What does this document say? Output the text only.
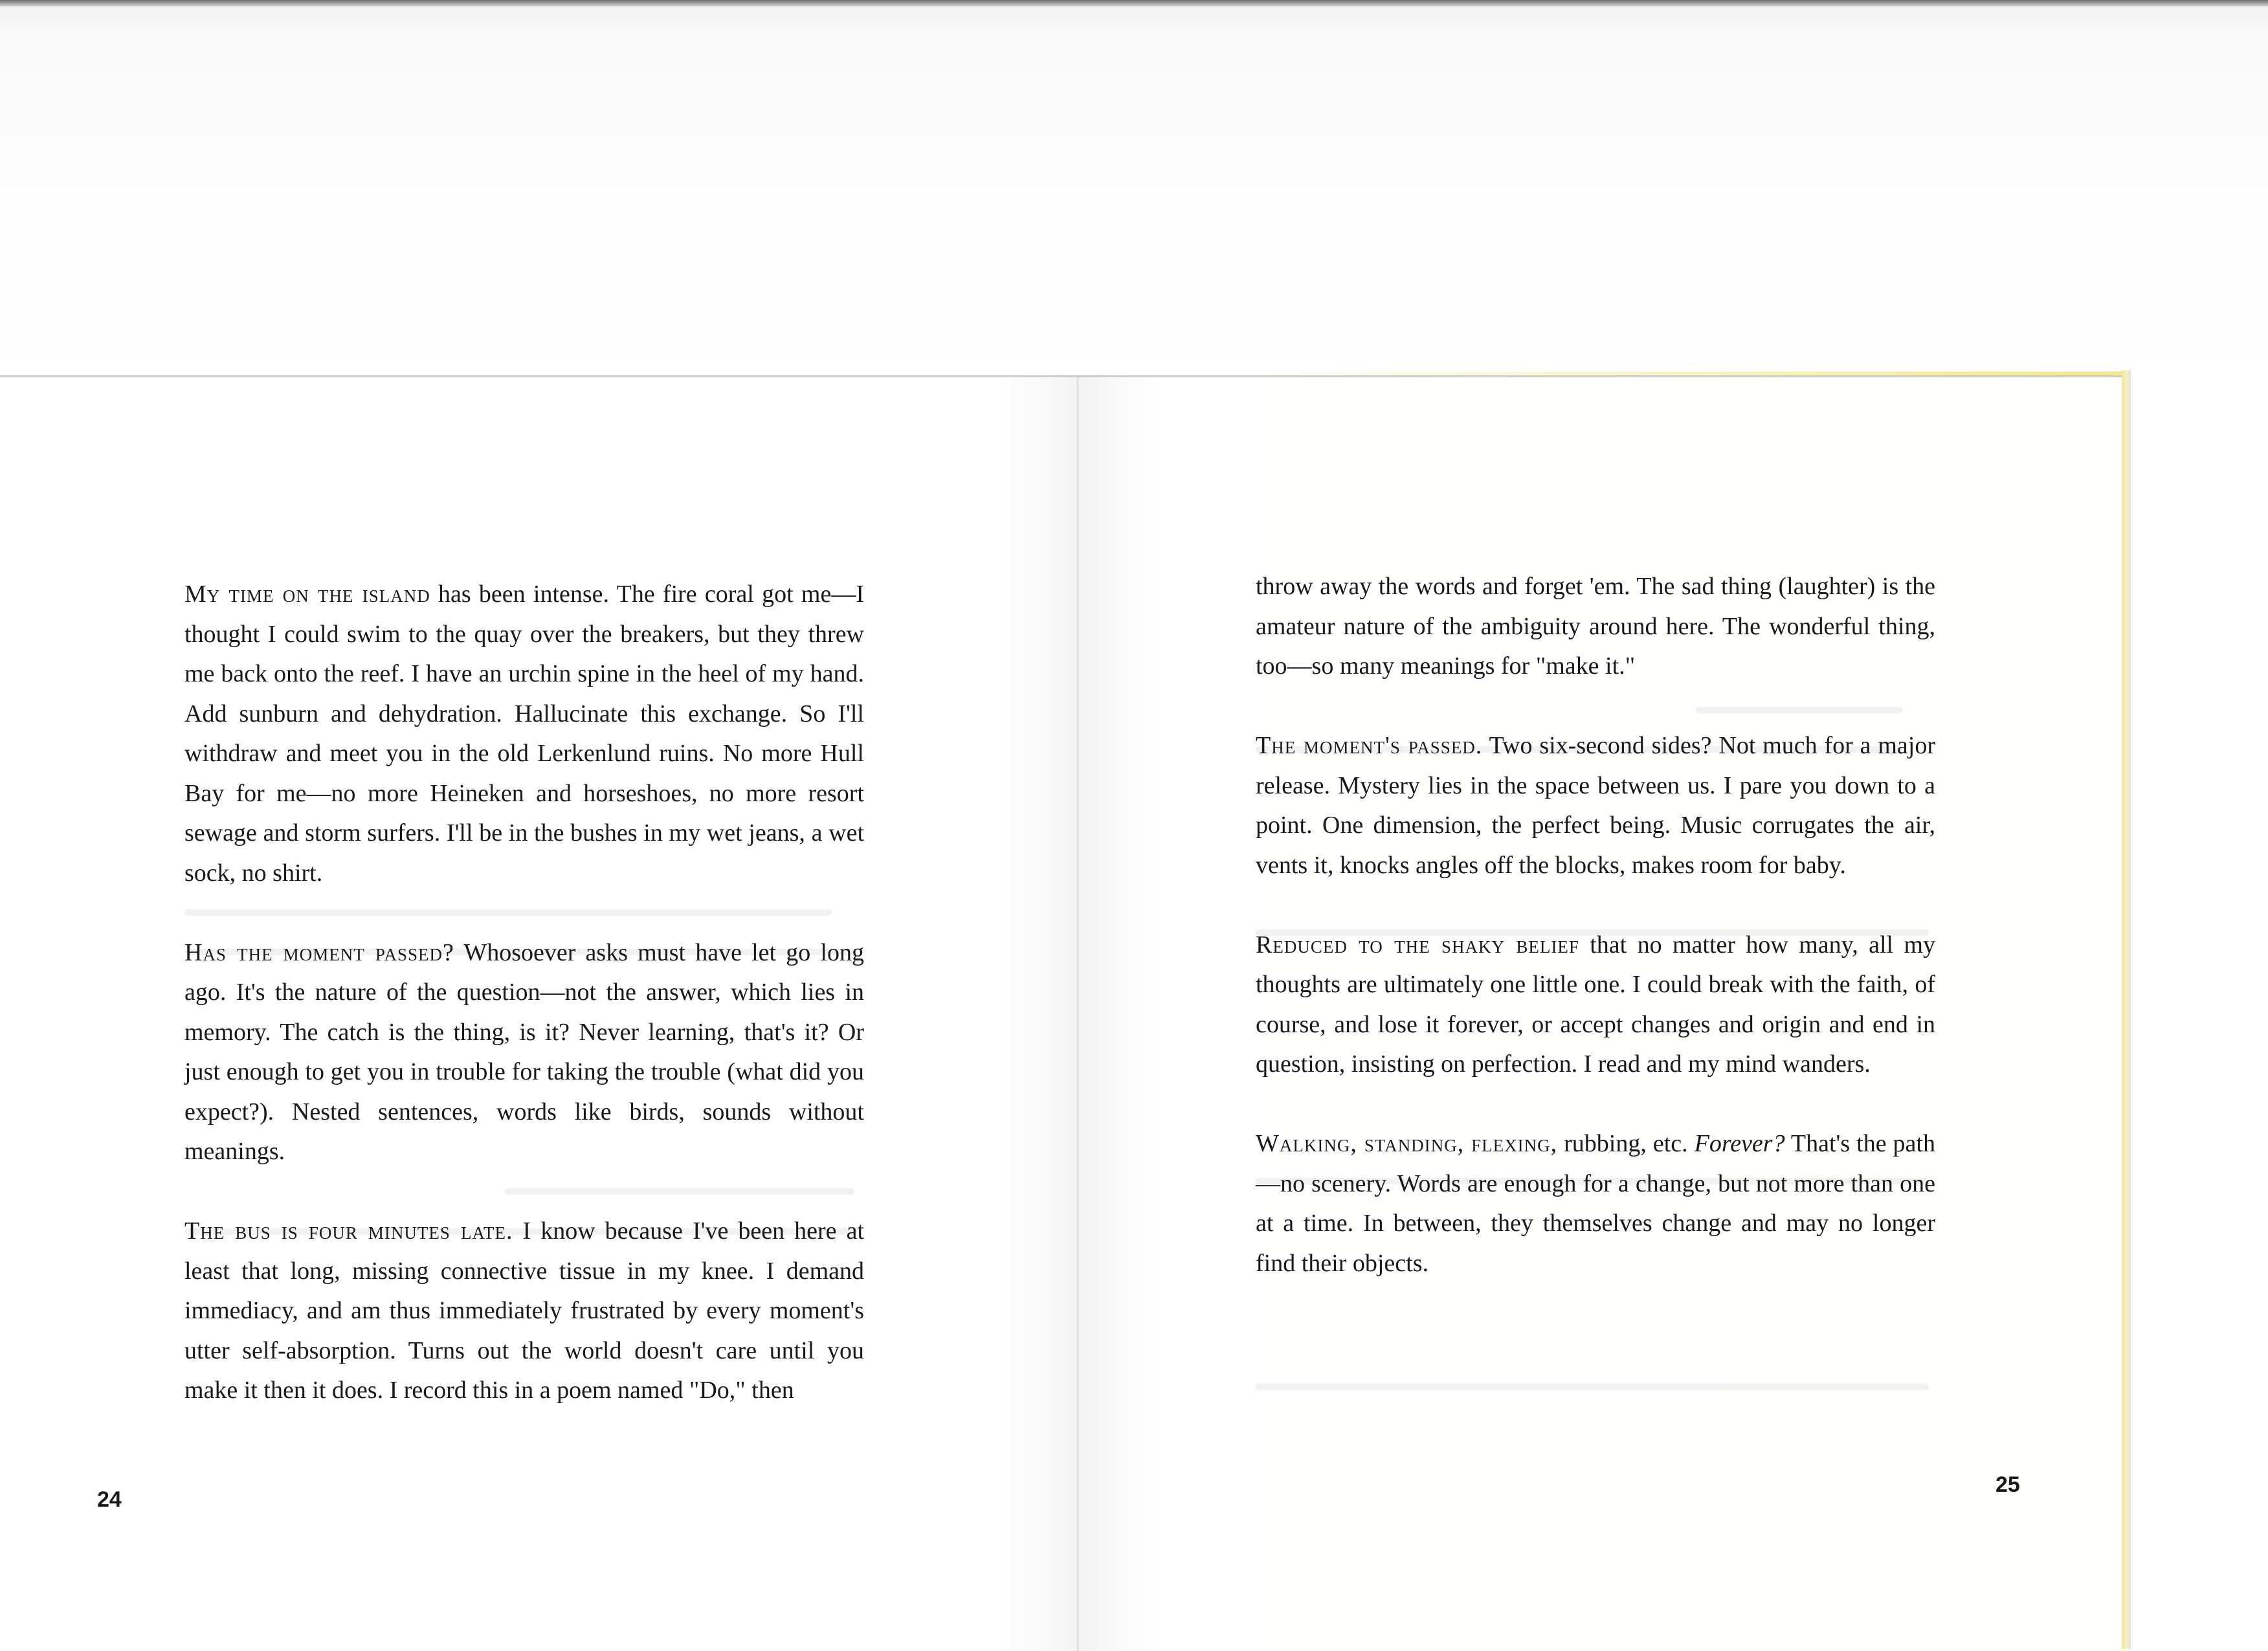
My time on the island has been intense. The fire coral got me—I thought I could swim to the quay over the breakers, but they threw me back onto the reef. I have an urchin spine in the heel of my hand. Add sunburn and dehydration. Hallucinate this exchange. So I'll withdraw and meet you in the old Lerkenlund ruins. No more Hull Bay for me—no more Heineken and horseshoes, no more resort sewage and storm surfers. I'll be in the bushes in my wet jeans, a wet sock, no shirt.

Has the moment passed? Whosoever asks must have let go long ago. It's the nature of the question—not the answer, which lies in memory. The catch is the thing, is it? Never learning, that's it? Or just enough to get you in trouble for taking the trouble (what did you expect?). Nested sentences, words like birds, sounds without meanings.

The bus is four minutes late. I know because I've been here at least that long, missing connective tissue in my knee. I demand immediacy, and am thus immediately frustrated by every moment's utter self-absorption. Turns out the world doesn't care until you make it then it does. I record this in a poem named "Do," then

24

throw away the words and forget 'em. The sad thing (laughter) is the amateur nature of the ambiguity around here. The wonderful thing, too—so many meanings for "make it."

The moment's passed. Two six-second sides? Not much for a major release. Mystery lies in the space between us. I pare you down to a point. One dimension, the perfect being. Music corrugates the air, vents it, knocks angles off the blocks, makes room for baby.

Reduced to the shaky belief that no matter how many, all my thoughts are ultimately one little one. I could break with the faith, of course, and lose it forever, or accept changes and origin and end in question, insisting on perfection. I read and my mind wanders.

Walking, standing, flexing, rubbing, etc. Forever? That's the path—no scenery. Words are enough for a change, but not more than one at a time. In between, they themselves change and may no longer find their objects.

25
